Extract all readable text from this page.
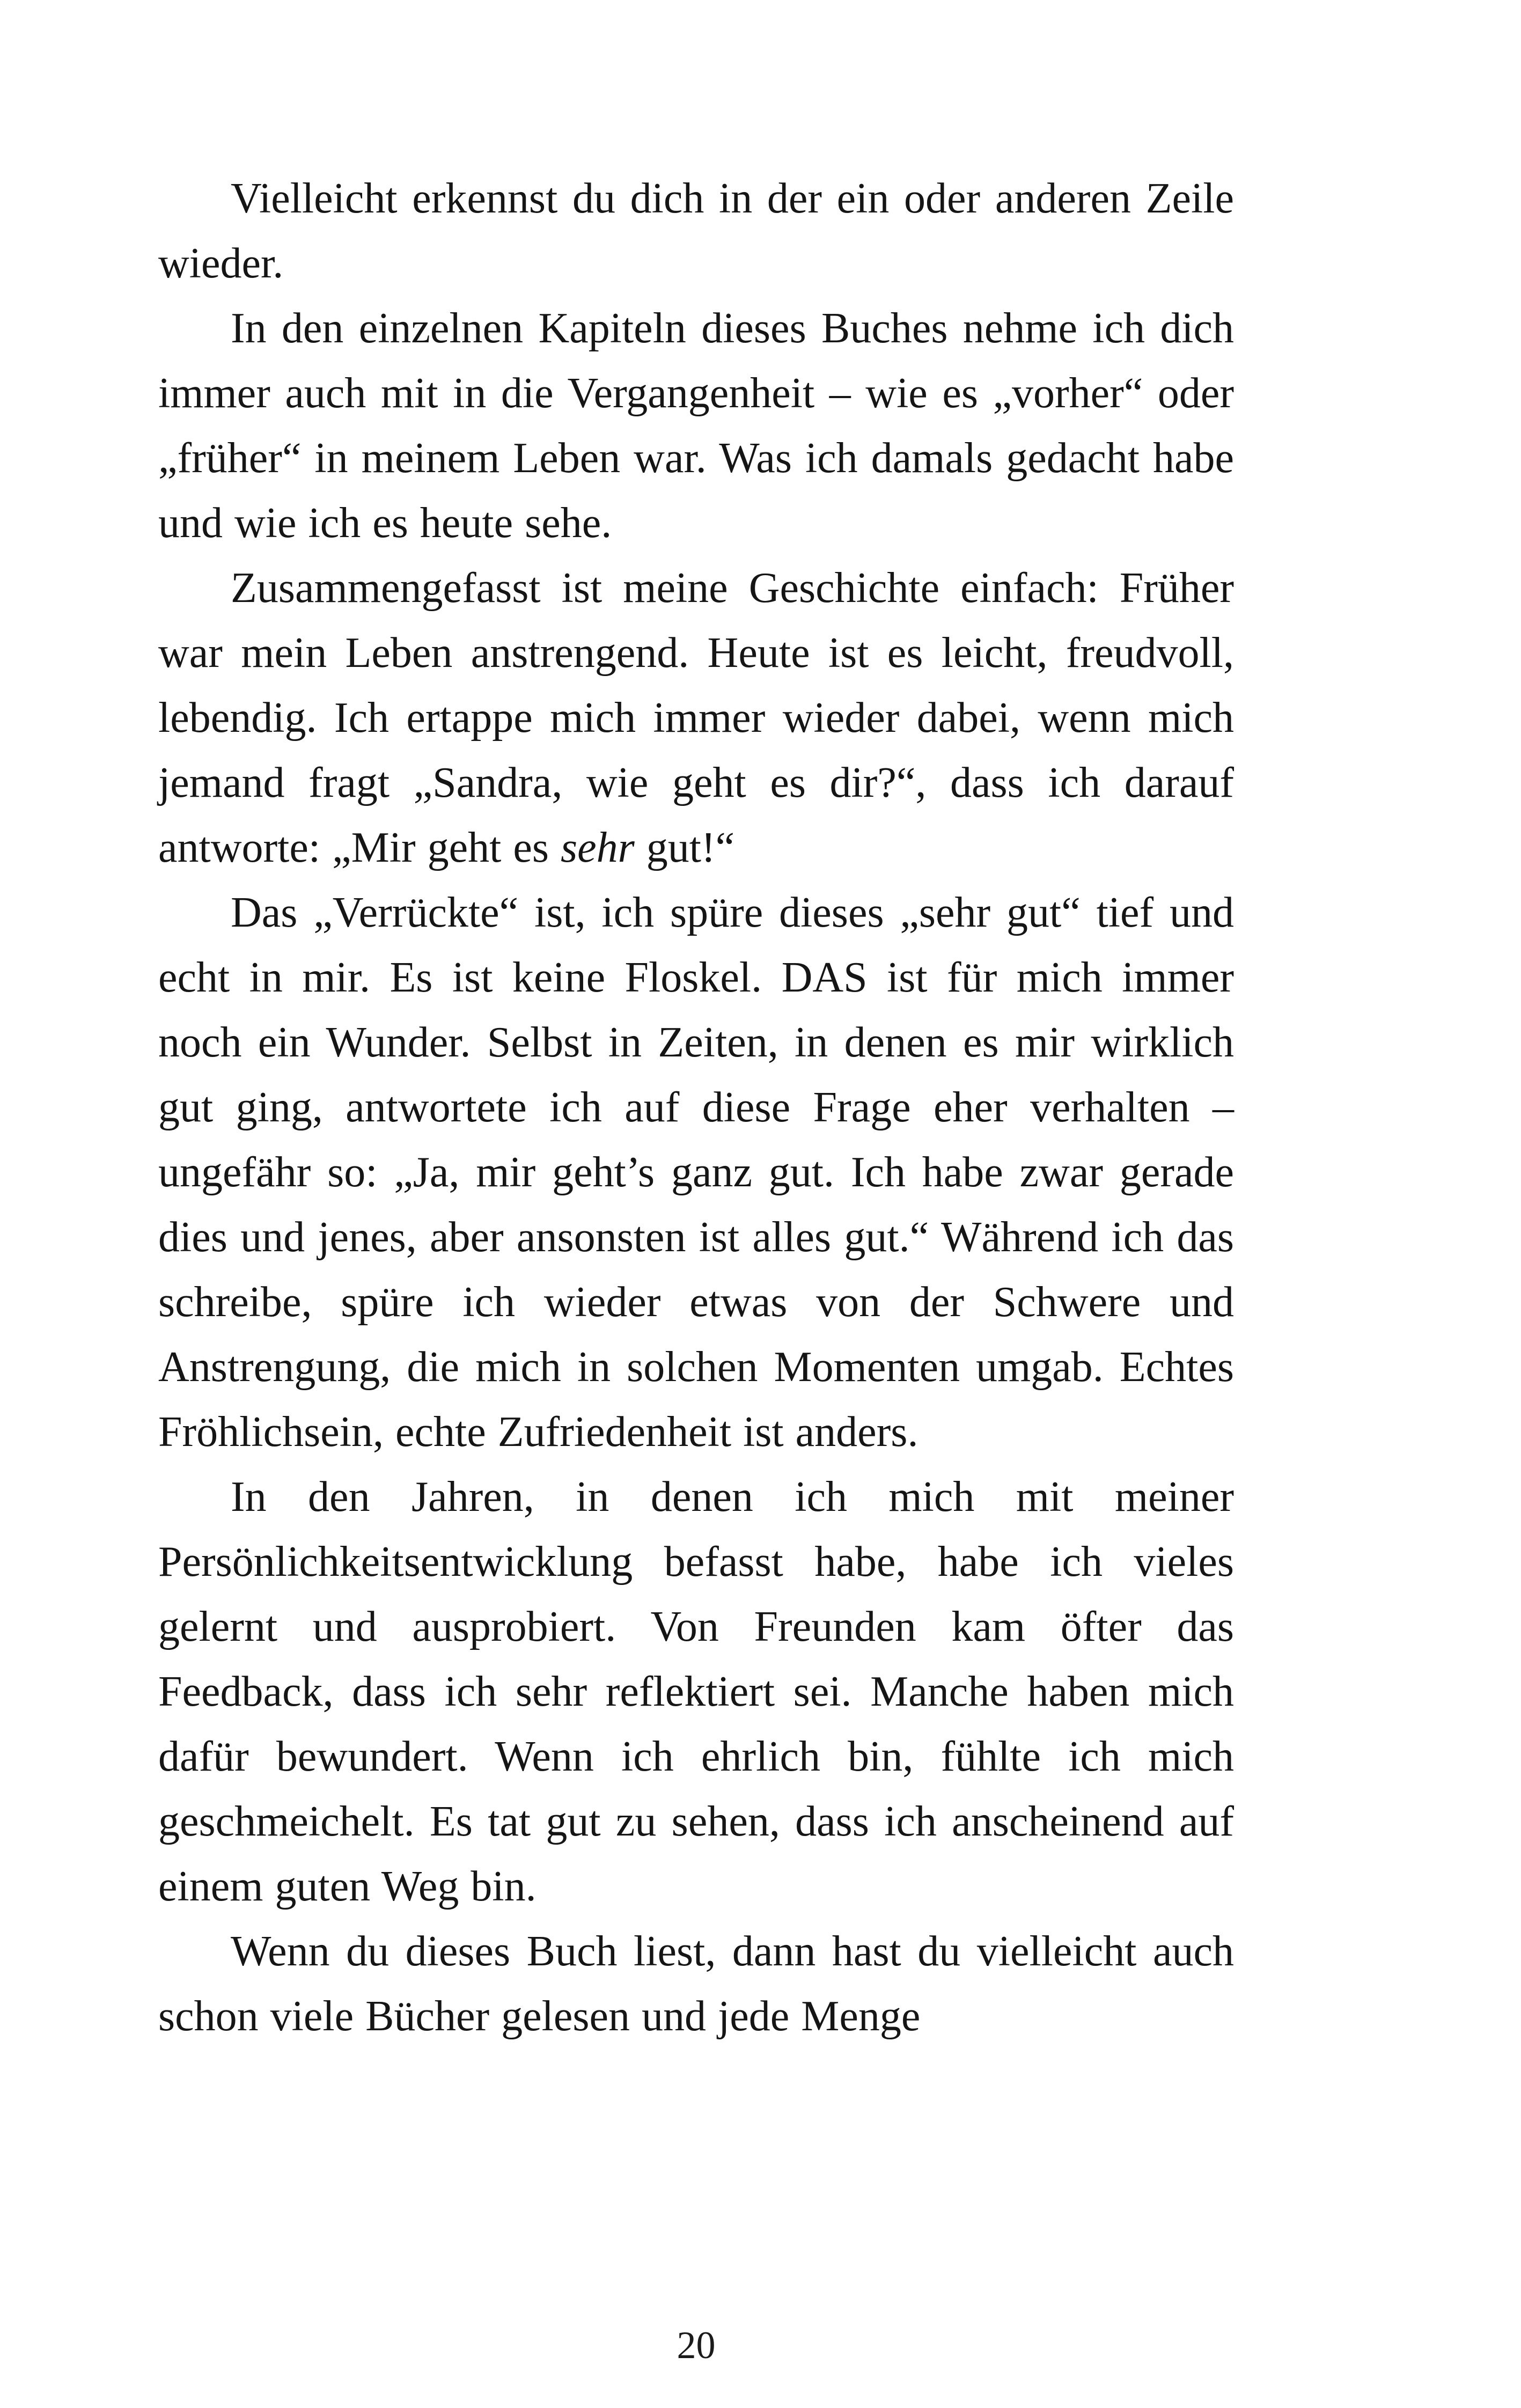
Vielleicht erkennst du dich in der ein oder anderen Zeile wieder.

In den einzelnen Kapiteln dieses Buches nehme ich dich immer auch mit in die Vergangenheit – wie es „vorher“ oder „früher“ in meinem Leben war. Was ich damals gedacht habe und wie ich es heute sehe.

Zusammengefasst ist meine Geschichte einfach: Früher war mein Leben anstrengend. Heute ist es leicht, freudvoll, lebendig. Ich ertappe mich immer wieder dabei, wenn mich jemand fragt „Sandra, wie geht es dir?“, dass ich darauf antworte: „Mir geht es sehr gut!“

Das „Verrückte“ ist, ich spüre dieses „sehr gut“ tief und echt in mir. Es ist keine Floskel. DAS ist für mich immer noch ein Wunder. Selbst in Zeiten, in denen es mir wirklich gut ging, antwortete ich auf diese Frage eher verhalten – ungefähr so: „Ja, mir geht’s ganz gut. Ich habe zwar gerade dies und jenes, aber ansonsten ist alles gut.“ Während ich das schreibe, spüre ich wieder etwas von der Schwere und Anstrengung, die mich in solchen Momenten umgab. Echtes Fröhlichsein, echte Zufriedenheit ist anders.

In den Jahren, in denen ich mich mit meiner Persönlichkeitsentwicklung befasst habe, habe ich vieles gelernt und ausprobiert. Von Freunden kam öfter das Feedback, dass ich sehr reflektiert sei. Manche haben mich dafür bewundert. Wenn ich ehrlich bin, fühlte ich mich geschmeichelt. Es tat gut zu sehen, dass ich anscheinend auf einem guten Weg bin.

Wenn du dieses Buch liest, dann hast du vielleicht auch schon viele Bücher gelesen und jede Menge

20
